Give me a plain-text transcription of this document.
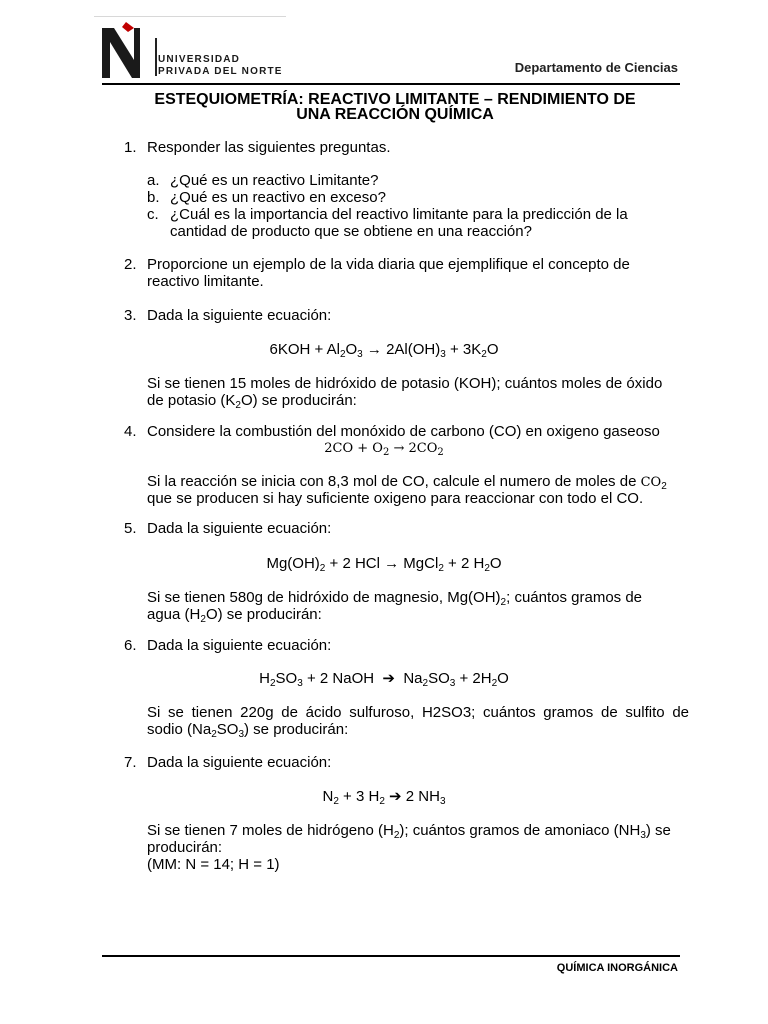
UNIVERSIDAD
PRIVADA DEL NORTE	Departamento de Ciencias
ESTEQUIOMETRÍA: REACTIVO LIMITANTE – RENDIMIENTO DE
UNA REACCIÓN QUÍMICA
1. Responder las siguientes preguntas.
a. ¿Qué es un reactivo Limitante?
b. ¿Qué es un reactivo en exceso?
c. ¿Cuál es la importancia del reactivo limitante para la predicción de la
cantidad de producto que se obtiene en una reacción?
2. Proporcione un ejemplo de la vida diaria que ejemplifique el concepto de
reactivo limitante.
3. Dada la siguiente ecuación:
$6KOH + Al_2O_3 \to 2Al(OH)_3 + 3K_2O$
Si se tienen 15 moles de hidróxido de potasio (KOH); cuántos moles de óxido
de potasio $(K_2O)$ se producirán:
4. Considere la combustión del monóxido de carbono (CO) en oxigeno gaseoso
$2CO + O_2 \to 2CO_2$
Si la reacción se inicia con 8,3 mol de CO, calcule el numero de moles de $CO_2$
que se producen si hay suficiente oxigeno para reaccionar con todo el CO.
5. Dada la siguiente ecuación:
$Mg(OH)_2 + 2$ HCl → MgCl$_2$ + 2 $H_2O$
Si se tienen 580g de hidróxido de magnesio, $Mg(OH)_2$; cuántos gramos de
agua $(H_2O)$ se producirán:
6. Dada la siguiente ecuación:
$H_2SO_3 + 2$ NaOH  ➔  $Na_2SO_3 + 2H_2O$
Si se tienen 220g de ácido sulfuroso, H2SO3; cuántos gramos de sulfito de
sodio $(Na_2SO_3)$ se producirán:
7. Dada la siguiente ecuación:
$N_2 + 3$ $H_2$ ➔ 2 $NH_3$
Si se tienen 7 moles de hidrógeno $(H_2)$; cuántos gramos de amoniaco $(NH_3)$ se
producirán:
(MM: N = 14; H = 1)
QUÍMICA INORGÁNICA
